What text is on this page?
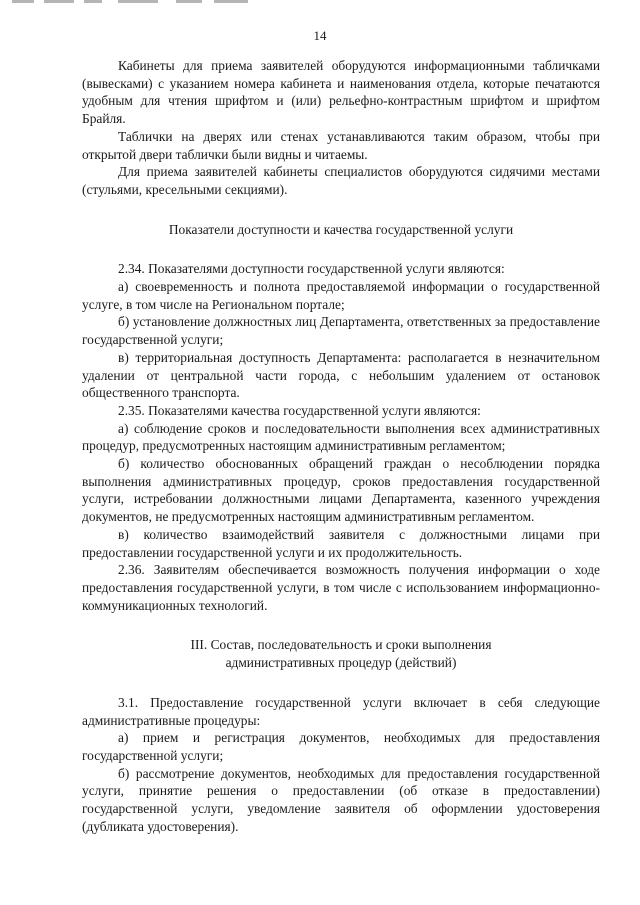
14

Кабинеты для приема заявителей оборудуются информационными табличками (вывесками) с указанием номера кабинета и наименования отдела, которые печатаются удобным для чтения шрифтом и (или) рельефно-контрастным шрифтом и шрифтом Брайля.

Таблички на дверях или стенах устанавливаются таким образом, чтобы при открытой двери таблички были видны и читаемы.

Для приема заявителей кабинеты специалистов оборудуются сидячими местами (стульями, кресельными секциями).

Показатели доступности и качества государственной услуги

2.34. Показателями доступности государственной услуги являются:

а) своевременность и полнота предоставляемой информации о государственной услуге, в том числе на Региональном портале;

б) установление должностных лиц Департамента, ответственных за предоставление государственной услуги;

в) территориальная доступность Департамента: располагается в незначительном удалении от центральной части города, с небольшим удалением от остановок общественного транспорта.

2.35. Показателями качества государственной услуги являются:

а) соблюдение сроков и последовательности выполнения всех административных процедур, предусмотренных настоящим административным регламентом;

б) количество обоснованных обращений граждан о несоблюдении порядка выполнения административных процедур, сроков предоставления государственной услуги, истребовании должностными лицами Департамента, казенного учреждения документов, не предусмотренных настоящим административным регламентом.

в) количество взаимодействий заявителя с должностными лицами при предоставлении государственной услуги и их продолжительность.

2.36. Заявителям обеспечивается возможность получения информации о ходе предоставления государственной услуги, в том числе с использованием информационно-коммуникационных технологий.

III. Состав, последовательность и сроки выполнения
административных процедур (действий)

3.1. Предоставление государственной услуги включает в себя следующие административные процедуры:

а) прием и регистрация документов, необходимых для предоставления государственной услуги;

б) рассмотрение документов, необходимых для предоставления государственной услуги, принятие решения о предоставлении (об отказе в предоставлении) государственной услуги, уведомление заявителя об оформлении удостоверения (дубликата удостоверения).
